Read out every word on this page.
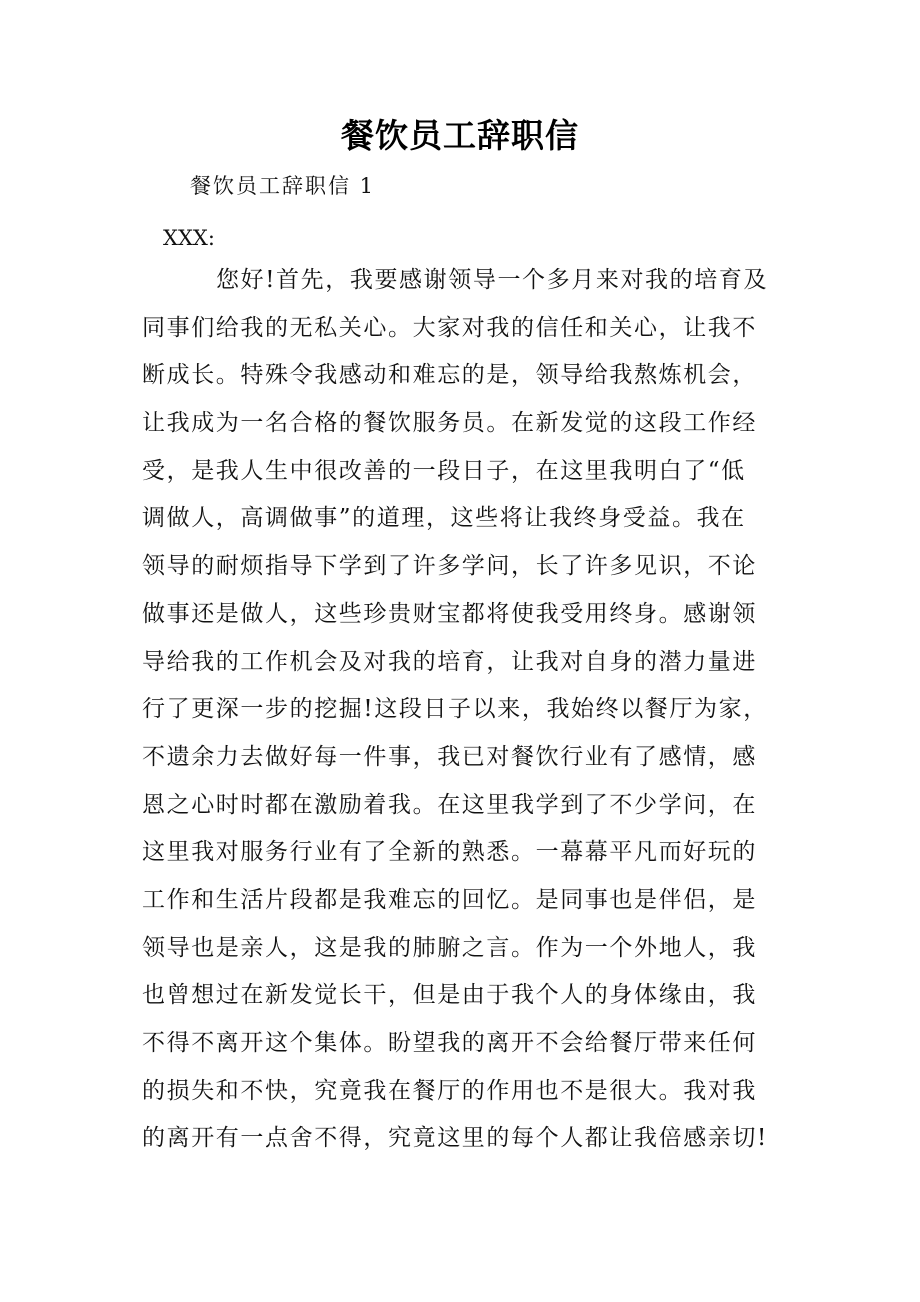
餐饮员工辞职信
餐饮员工辞职信 1
XXX:
您好!首先，我要感谢领导一个多月来对我的培育及
同事们给我的无私关心。大家对我的信任和关心，让我不
断成长。特殊令我感动和难忘的是，领导给我熬炼机会，
让我成为一名合格的餐饮服务员。在新发觉的这段工作经
受，是我人生中很改善的一段日子，在这里我明白了“低
调做人，高调做事”的道理，这些将让我终身受益。我在
领导的耐烦指导下学到了许多学问，长了许多见识，不论
做事还是做人，这些珍贵财宝都将使我受用终身。感谢领
导给我的工作机会及对我的培育，让我对自身的潜力量进
行了更深一步的挖掘!这段日子以来，我始终以餐厅为家，
不遗余力去做好每一件事，我已对餐饮行业有了感情，感
恩之心时时都在激励着我。在这里我学到了不少学问，在
这里我对服务行业有了全新的熟悉。一幕幕平凡而好玩的
工作和生活片段都是我难忘的回忆。是同事也是伴侣，是
领导也是亲人，这是我的肺腑之言。作为一个外地人，我
也曾想过在新发觉长干，但是由于我个人的身体缘由，我
不得不离开这个集体。盼望我的离开不会给餐厅带来任何
的损失和不快，究竟我在餐厅的作用也不是很大。我对我
的离开有一点舍不得，究竟这里的每个人都让我倍感亲切!
